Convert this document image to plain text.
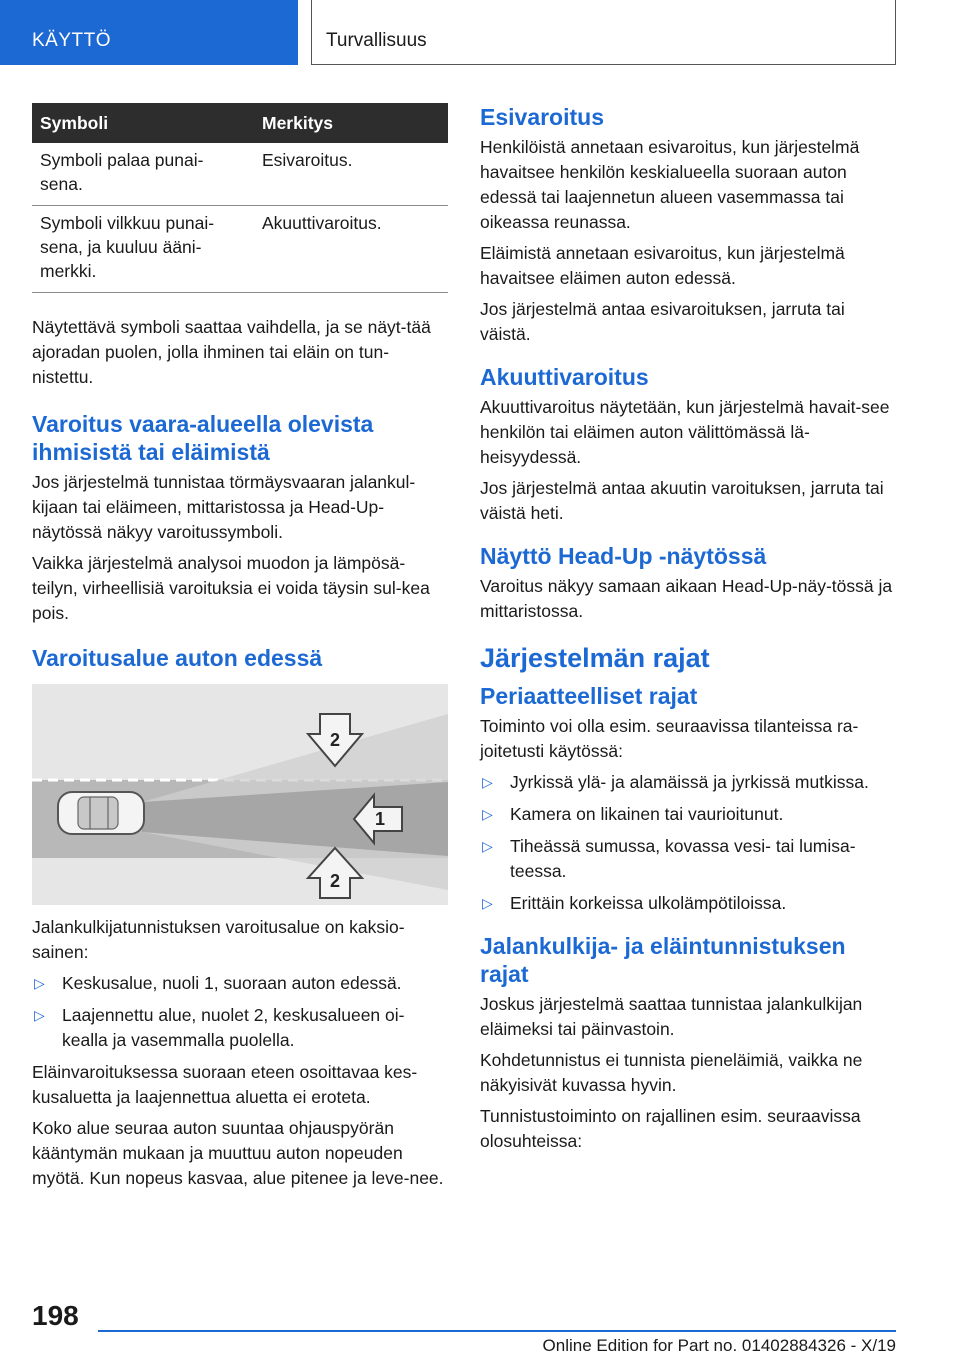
KÄYTTÖ	Turvallisuus
Symboli	Merkitys
Symboli palaa punai-
sena.	Esivaroitus.
Symboli vilkkuu punai-
sena, ja kuuluu ääni-
merkki.	Akuuttivaroitus.

Näytettävä symboli saattaa vaihdella, ja se näyt-tää ajoradan puolen, jolla ihminen tai eläin on tun-nistettu.

Varoitus vaara-alueella olevista ihmisistä tai eläimistä

Jos järjestelmä tunnistaa törmäysvaaran jalankul-kijaan tai eläimeen, mittaristossa ja Head-Up-näytössä näkyy varoitussymboli.

Vaikka järjestelmä analysoi muodon ja lämpösä-teilyn, virheellisiä varoituksia ei voida täysin sul-kea pois.

Varoitusalue auton edessä
2
1
2

Jalankulkijatunnistuksen varoitusalue on kaksio-sainen:

▷ Keskusalue, nuoli 1, suoraan auton edessä.
▷ Laajennettu alue, nuolet 2, keskusalueen oi-kealla ja vasemmalla puolella.

Eläinvaroituksessa suoraan eteen osoittavaa kes-kusaluetta ja laajennettua aluetta ei eroteta.

Koko alue seuraa auton suuntaa ohjauspyörän kääntymän mukaan ja muuttuu auton nopeuden myötä. Kun nopeus kasvaa, alue pitenee ja leve-nee.

Esivaroitus

Henkilöistä annetaan esivaroitus, kun järjestelmä havaitsee henkilön keskialueella suoraan auton edessä tai laajennetun alueen vasemmassa tai oikeassa reunassa.

Eläimistä annetaan esivaroitus, kun järjestelmä havaitsee eläimen auton edessä.

Jos järjestelmä antaa esivaroituksen, jarruta tai väistä.

Akuuttivaroitus

Akuuttivaroitus näytetään, kun järjestelmä havait-see henkilön tai eläimen auton välittömässä lä-heisyydessä.

Jos järjestelmä antaa akuutin varoituksen, jarruta tai väistä heti.

Näyttö Head-Up -näytössä

Varoitus näkyy samaan aikaan Head-Up-näy-tössä ja mittaristossa.

Järjestelmän rajat
Periaatteelliset rajat

Toiminto voi olla esim. seuraavissa tilanteissa ra-joitetusti käytössä:

▷ Jyrkissä ylä- ja alamäissä ja jyrkissä mutkissa.
▷ Kamera on likainen tai vaurioitunut.
▷ Tiheässä sumussa, kovassa vesi- tai lumisa-teessa.
▷ Erittäin korkeissa ulkolämpötiloissa.
Jalankulkija- ja eläintunnistuksen rajat

Joskus järjestelmä saattaa tunnistaa jalankulkijan eläimeksi tai päinvastoin.

Kohdetunnistus ei tunnista pieneläimiä, vaikka ne näkyisivät kuvassa hyvin.

Tunnistustoiminto on rajallinen esim. seuraavissa olosuhteissa:

198
Online Edition for Part no. 01402884326 - X/19
